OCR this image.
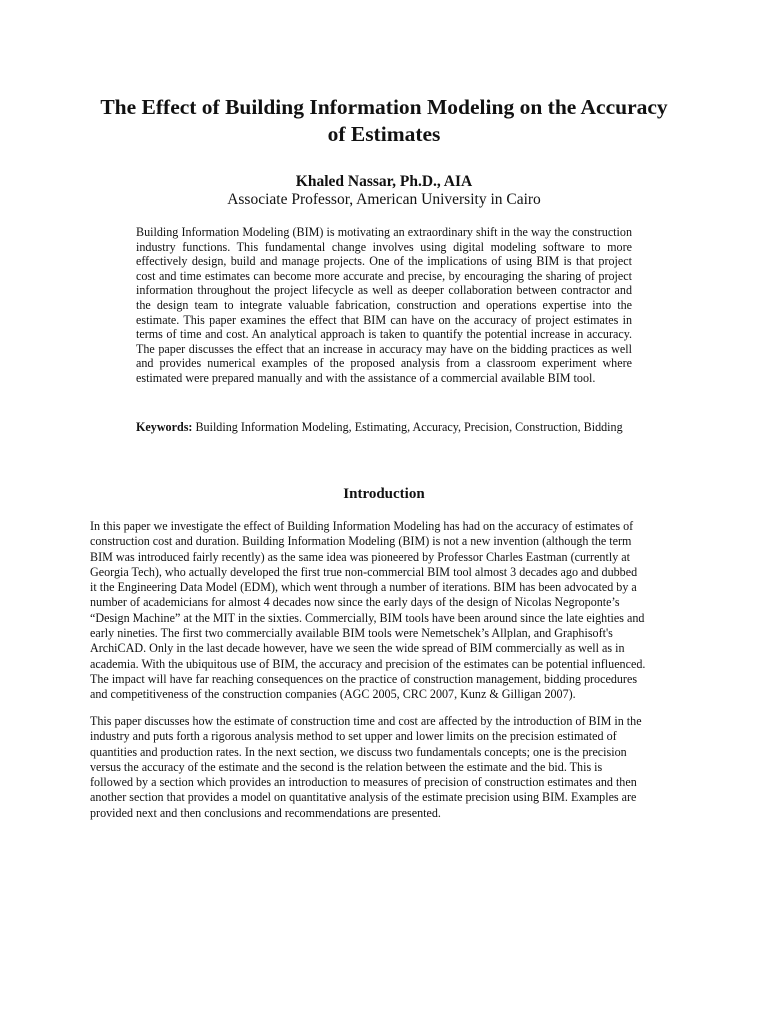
The Effect of Building Information Modeling on the Accuracy of Estimates
Khaled Nassar, Ph.D., AIA
Associate Professor, American University in Cairo

Building Information Modeling (BIM) is motivating an extraordinary shift in the way the construction industry functions. This fundamental change involves using digital modeling software to more effectively design, build and manage projects. One of the implications of using BIM is that project cost and time estimates can become more accurate and precise, by encouraging the sharing of project information throughout the project lifecycle as well as deeper collaboration between contractor and the design team to integrate valuable fabrication, construction and operations expertise into the estimate. This paper examines the effect that BIM can have on the accuracy of project estimates in terms of time and cost. An analytical approach is taken to quantify the potential increase in accuracy. The paper discusses the effect that an increase in accuracy may have on the bidding practices as well and provides numerical examples of the proposed analysis from a classroom experiment where estimated were prepared manually and with the assistance of a commercial available BIM tool.

Keywords: Building Information Modeling, Estimating, Accuracy, Precision, Construction, Bidding

Introduction

In this paper we investigate the effect of Building Information Modeling has had on the accuracy of estimates of construction cost and duration. Building Information Modeling (BIM) is not a new invention (although the term BIM was introduced fairly recently) as the same idea was pioneered by Professor Charles Eastman (currently at Georgia Tech), who actually developed the first true non-commercial BIM tool almost 3 decades ago and dubbed it the Engineering Data Model (EDM), which went through a number of iterations. BIM has been advocated by a number of academicians for almost 4 decades now since the early days of the design of Nicolas Negroponte’s “Design Machine” at the MIT in the sixties. Commercially, BIM tools have been around since the late eighties and early nineties. The first two commercially available BIM tools were Nemetschek’s Allplan, and Graphisoft's ArchiCAD. Only in the last decade however, have we seen the wide spread of BIM commercially as well as in academia. With the ubiquitous use of BIM, the accuracy and precision of the estimates can be potential influenced. The impact will have far reaching consequences on the practice of construction management, bidding procedures and competitiveness of the construction companies (AGC 2005, CRC 2007, Kunz & Gilligan 2007).

This paper discusses how the estimate of construction time and cost are affected by the introduction of BIM in the industry and puts forth a rigorous analysis method to set upper and lower limits on the precision estimated of quantities and production rates. In the next section, we discuss two fundamentals concepts; one is the precision versus the accuracy of the estimate and the second is the relation between the estimate and the bid. This is followed by a section which provides an introduction to measures of precision of construction estimates and then another section that provides a model on quantitative analysis of the estimate precision using BIM. Examples are provided next and then conclusions and recommendations are presented.
